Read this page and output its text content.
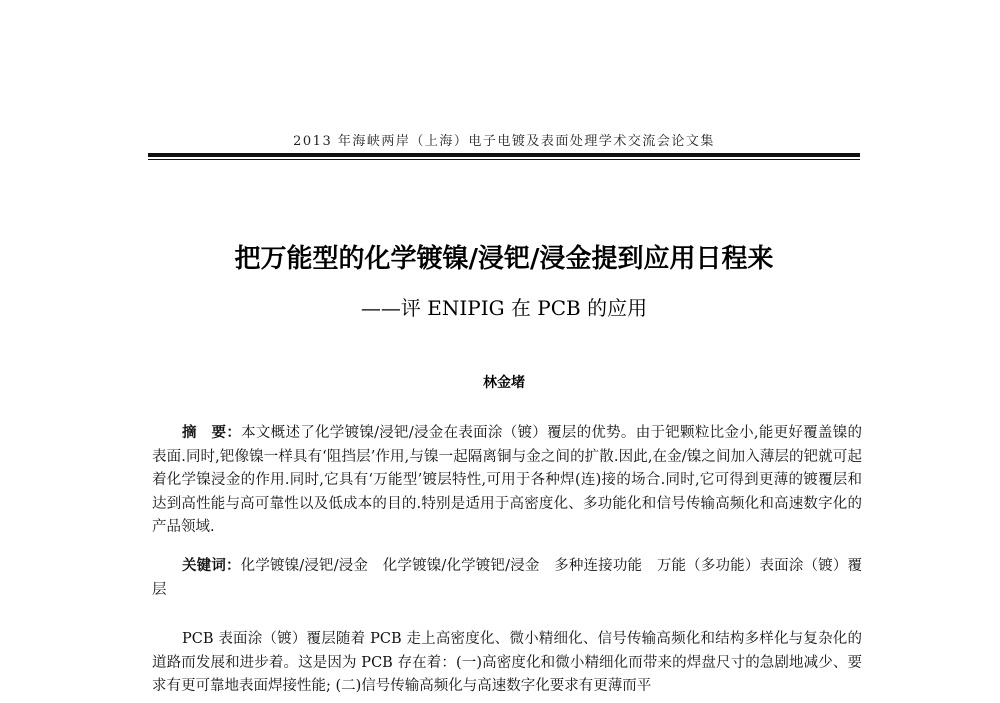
2013 年海峡两岸（上海）电子电镀及表面处理学术交流会论文集
把万能型的化学镀镍/浸钯/浸金提到应用日程来
——评 ENIPIG 在 PCB 的应用
林金堵

摘　要：本文概述了化学镀镍/浸钯/浸金在表面涂（镀）覆层的优势。由于钯颗粒比金小,能更好覆盖镍的表面.同时,钯像镍一样具有‘阻挡层’作用,与镍一起隔离铜与金之间的扩散.因此,在金/镍之间加入薄层的钯就可起着化学镍浸金的作用.同时,它具有‘万能型’镀层特性,可用于各种焊(连)接的场合.同时,它可得到更薄的镀覆层和达到高性能与高可靠性以及低成本的目的.特别是适用于高密度化、多功能化和信号传输高频化和高速数字化的产品领域.

关键词：化学镀镍/浸钯/浸金　化学镀镍/化学镀钯/浸金　多种连接功能　万能（多功能）表面涂（镀）覆层

PCB 表面涂（镀）覆层随着 PCB 走上高密度化、微小精细化、信号传输高频化和结构多样化与复杂化的道路而发展和进步着。这是因为 PCB 存在着：(一)高密度化和微小精细化而带来的焊盘尺寸的急剧地减少、要求有更可靠地表面焊接性能; (二)信号传输高频化与高速数字化要求有更薄而平
